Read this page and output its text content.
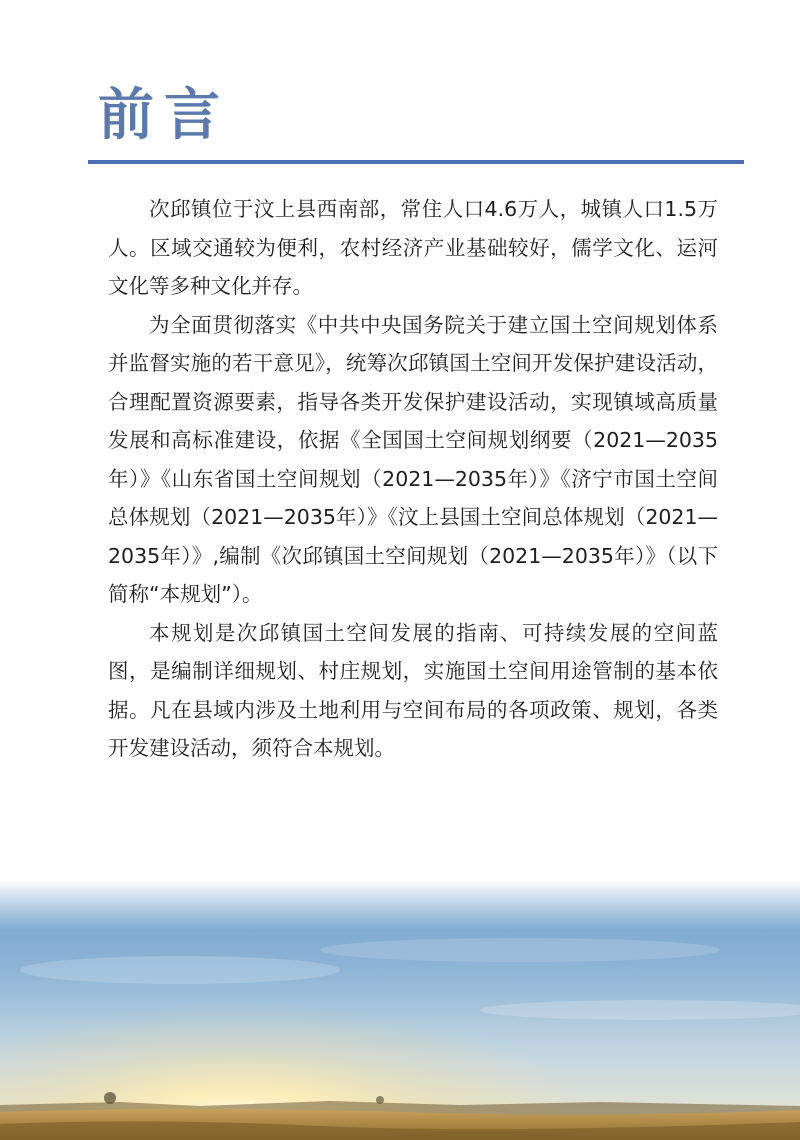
前言

次邱镇位于汶上县西南部，常住人口4.6万人，城镇人口1.5万人。区域交通较为便利，农村经济产业基础较好，儒学文化、运河文化等多种文化并存。

为全面贯彻落实《中共中央国务院关于建立国土空间规划体系并监督实施的若干意见》，统筹次邱镇国土空间开发保护建设活动，合理配置资源要素，指导各类开发保护建设活动，实现镇域高质量发展和高标准建设，依据《全国国土空间规划纲要（2021—2035年）》《山东省国土空间规划（2021—2035年）》《济宁市国土空间总体规划（2021—2035年）》《汶上县国土空间总体规划（2021—2035年）》,编制《次邱镇国土空间规划（2021—2035年）》（以下简称“本规划”）。

本规划是次邱镇国土空间发展的指南、可持续发展的空间蓝图，是编制详细规划、村庄规划，实施国土空间用途管制的基本依据。凡在县域内涉及土地利用与空间布局的各项政策、规划，各类开发建设活动，须符合本规划。
